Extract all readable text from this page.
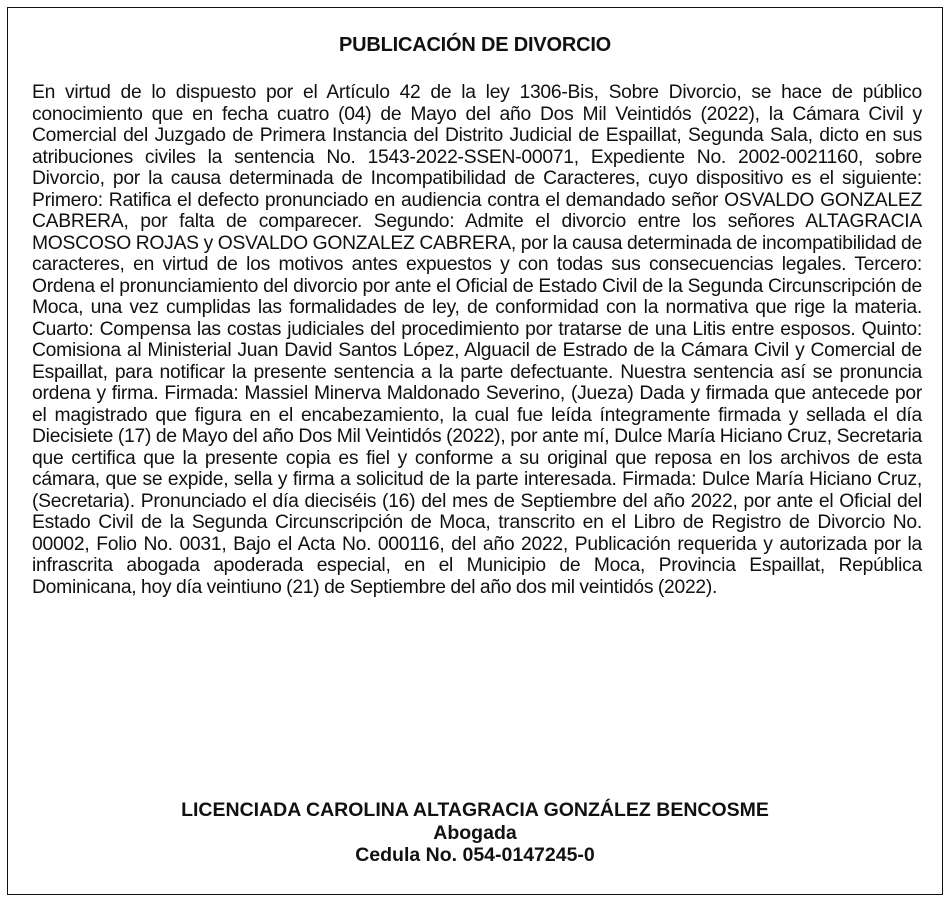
PUBLICACIÓN DE DIVORCIO

En virtud de lo dispuesto por el Artículo 42 de la ley 1306-Bis, Sobre Divorcio, se hace de público conocimiento que en fecha cuatro (04) de Mayo del año Dos Mil Veintidós (2022), la Cámara Civil y Comercial del Juzgado de Primera Instancia del Distrito Judicial de Espaillat, Segunda Sala, dicto en sus atribuciones civiles la sentencia No. 1543-2022-SSEN-00071, Expediente No. 2002-0021160, sobre Divorcio, por la causa determinada de Incompatibilidad de Caracteres, cuyo dispositivo es el siguiente: Primero: Ratifica el defecto pronunciado en audiencia contra el demandado señor OSVALDO GONZALEZ CABRERA, por falta de comparecer. Segundo: Admite el divorcio entre los señores ALTAGRACIA MOSCOSO ROJAS y OSVALDO GONZALEZ CABRERA, por la causa determinada de incompatibilidad de caracteres, en virtud de los motivos antes expuestos y con todas sus consecuencias legales. Tercero: Ordena el pronunciamiento del divorcio por ante el Oficial de Estado Civil de la Segunda Circunscripción de Moca, una vez cumplidas las formalidades de ley, de conformidad con la normativa que rige la materia. Cuarto: Compensa las costas judiciales del procedimiento por tratarse de una Litis entre esposos. Quinto: Comisiona al Ministerial Juan David Santos López, Alguacil de Estrado de la Cámara Civil y Comercial de Espaillat, para notificar la presente sentencia a la parte defectuante. Nuestra sentencia así se pronuncia ordena y firma. Firmada: Massiel Minerva Maldonado Severino, (Jueza) Dada y firmada que antecede por el magistrado que figura en el encabezamiento, la cual fue leída íntegramente firmada y sellada el día Diecisiete (17) de Mayo del año Dos Mil Veintidós (2022), por ante mí, Dulce María Hiciano Cruz, Secretaria que certifica que la presente copia es fiel y conforme a su original que reposa en los archivos de esta cámara, que se expide, sella y firma a solicitud de la parte interesada. Firmada: Dulce María Hiciano Cruz, (Secretaria). Pronunciado el día dieciséis (16) del mes de Septiembre del año 2022, por ante el Oficial del Estado Civil de la Segunda Circunscripción de Moca, transcrito en el Libro de Registro de Divorcio No. 00002, Folio No. 0031, Bajo el Acta No. 000116, del año 2022, Publicación requerida y autorizada por la infrascrita abogada apoderada especial, en el Municipio de Moca, Provincia Espaillat, República Dominicana, hoy día veintiuno (21) de Septiembre del año dos mil veintidós (2022).

LICENCIADA CAROLINA ALTAGRACIA GONZÁLEZ BENCOSME
Abogada
Cedula No. 054-0147245-0
